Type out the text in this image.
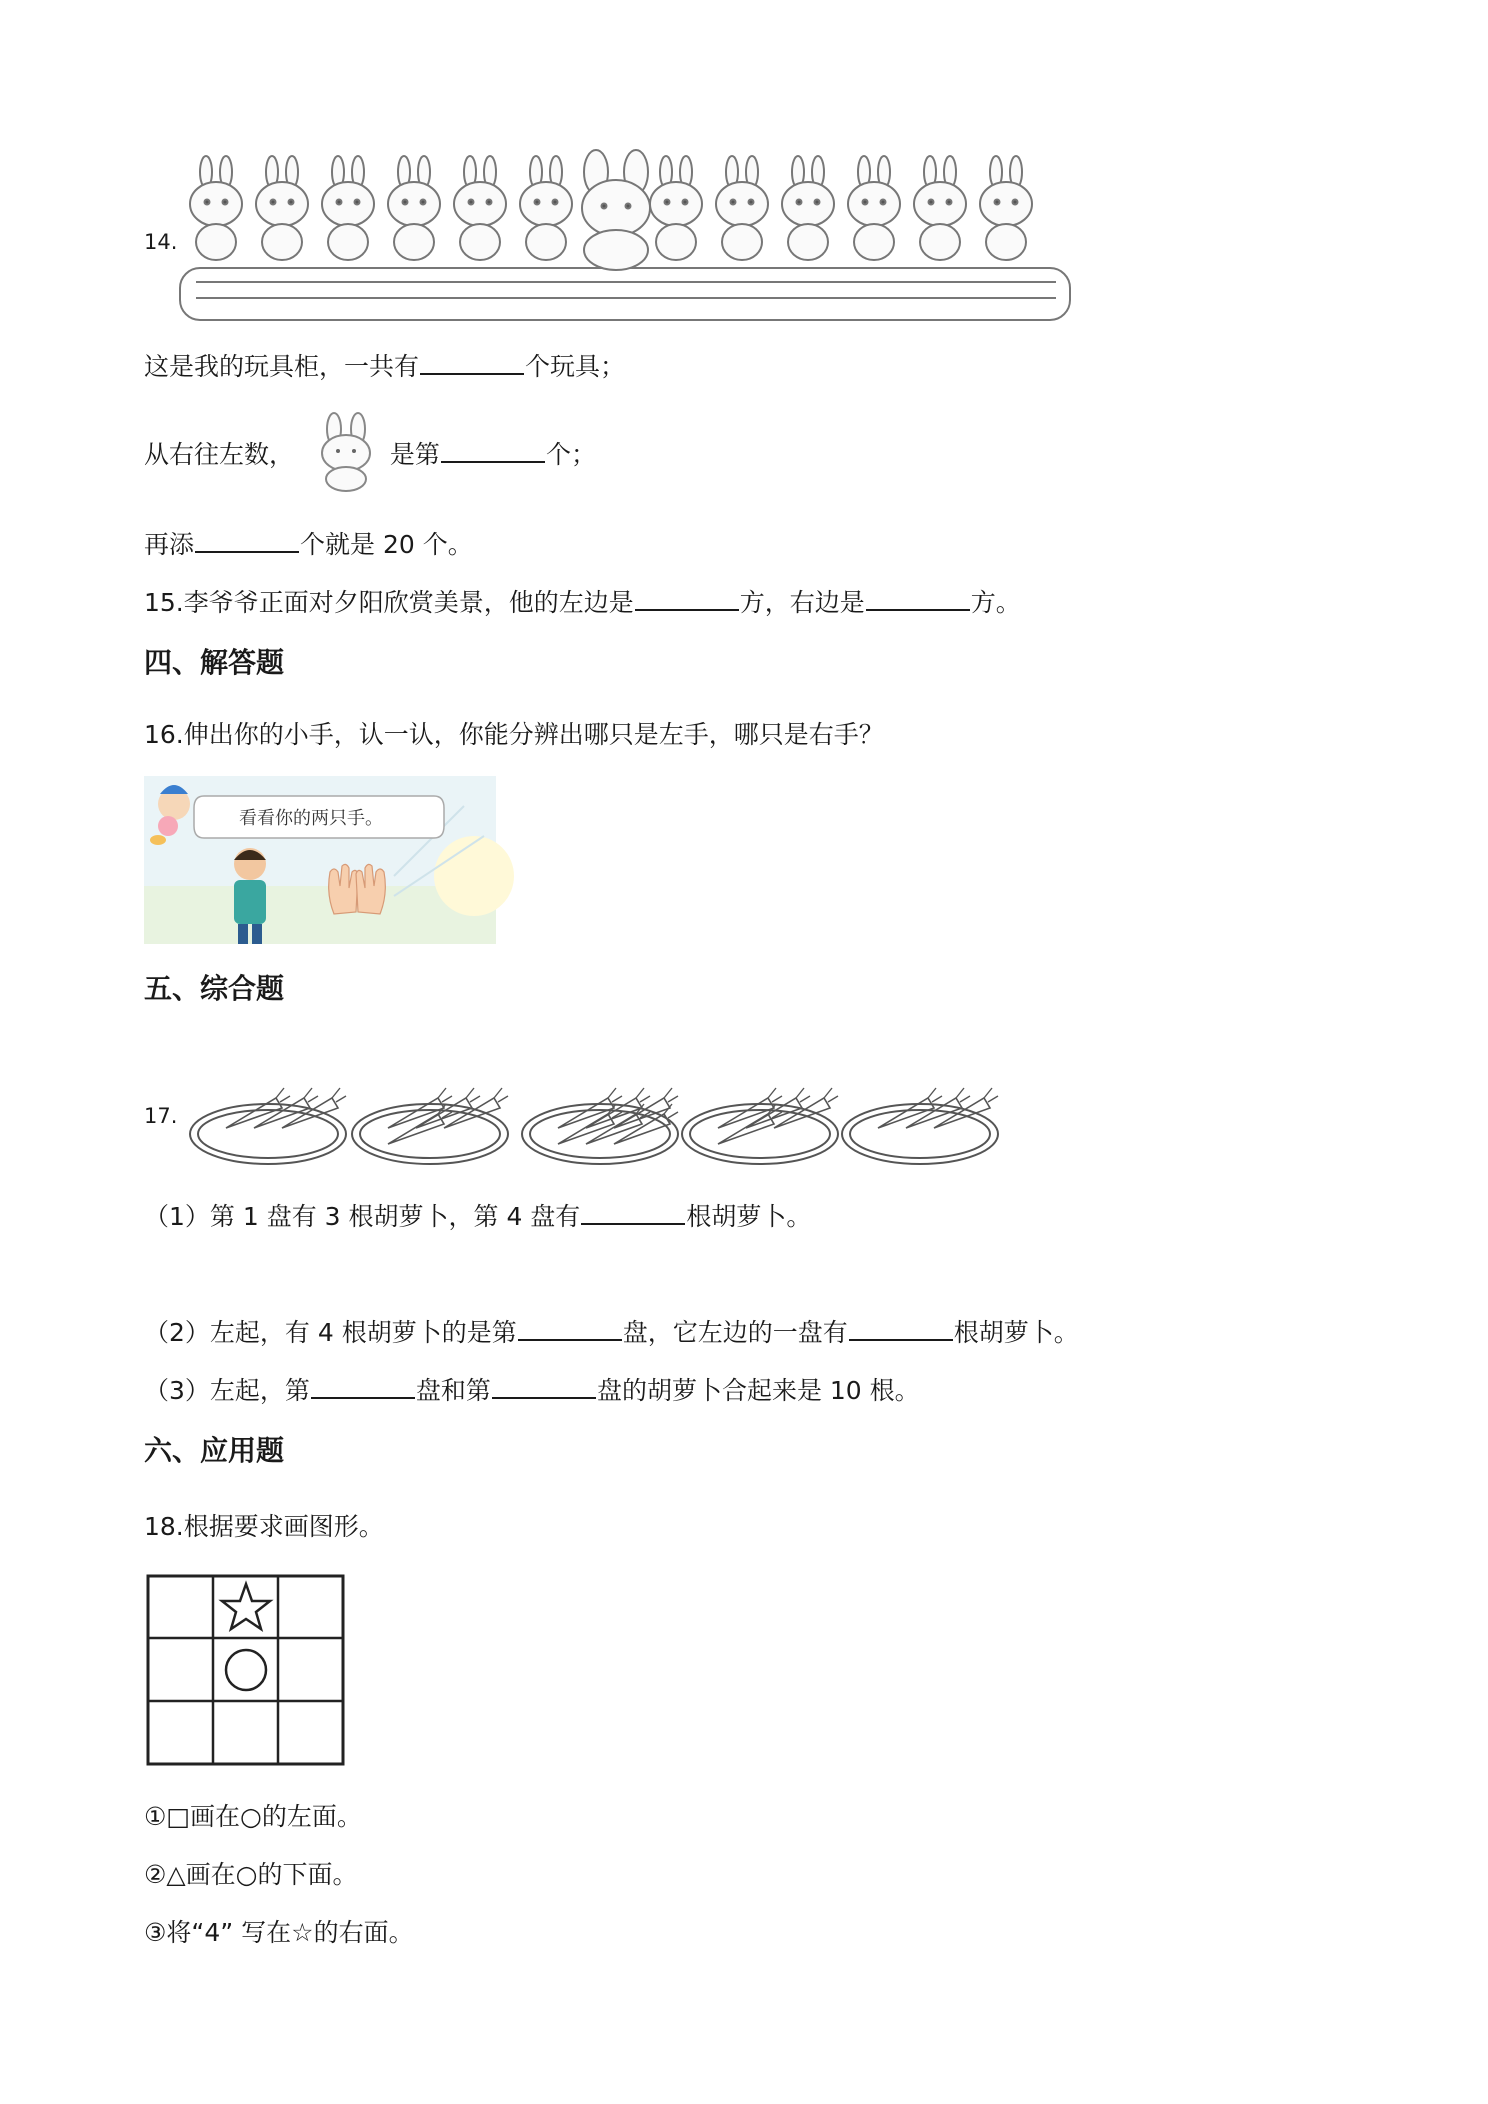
14.
这是我的玩具柜，一共有	个玩具；
从右往左数，	是第	个；
再添	个就是 20 个。
15.李爷爷正面对夕阳欣赏美景，他的左边是	方，右边是	方。
四、解答题
16.伸出你的小手，认一认，你能分辨出哪只是左手，哪只是右手？
看看你的两只手。
五、综合题
17.
（1）第 1 盘有 3 根胡萝卜，第 4 盘有	根胡萝卜。
（2）左起，有 4 根胡萝卜的是第	盘，它左边的一盘有	根胡萝卜。
（3）左起，第	盘和第	盘的胡萝卜合起来是 10 根。
六、应用题
18.根据要求画图形。
①□画在○的左面。
②△画在○的下面。
③将“4” 写在☆的右面。
